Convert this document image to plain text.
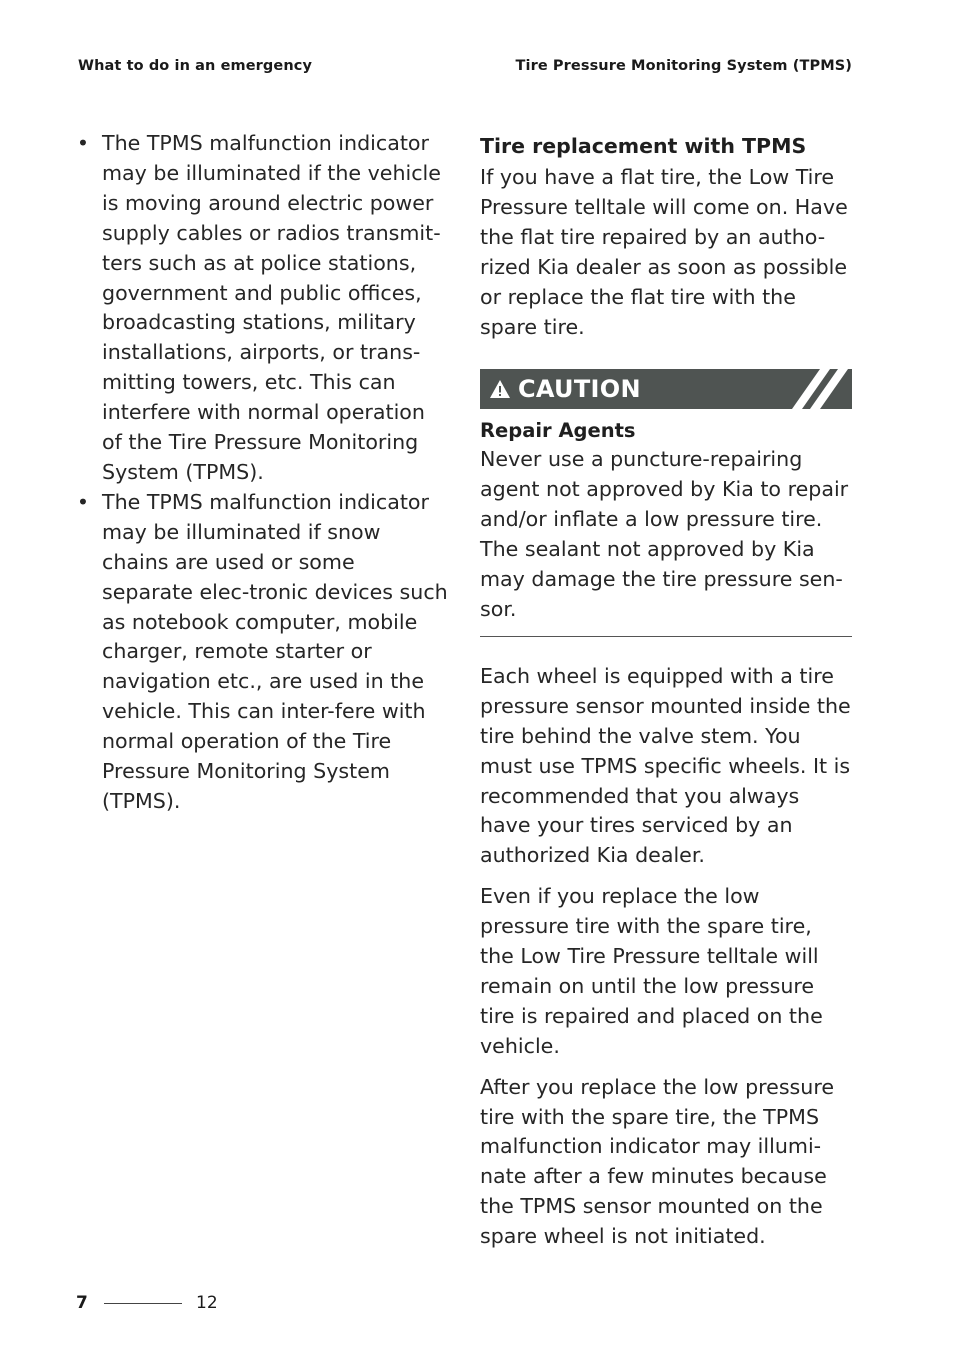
What to do in an emergency	Tire Pressure Monitoring System (TPMS)
• The TPMS malfunction indicator may be illuminated if the vehicle is moving around electric power supply cables or radios transmit-ters such as at police stations, government and public offices, broadcasting stations, military installations, airports, or trans-mitting towers, etc. This can interfere with normal operation of the Tire Pressure Monitoring System (TPMS).
• The TPMS malfunction indicator may be illuminated if snow chains are used or some separate elec-tronic devices such as notebook computer, mobile charger, remote starter or navigation etc., are used in the vehicle. This can inter-fere with normal operation of the Tire Pressure Monitoring System (TPMS).
Tire replacement with TPMS

If you have a flat tire, the Low Tire Pressure telltale will come on. Have the flat tire repaired by an autho-rized Kia dealer as soon as possible or replace the flat tire with the spare tire.

CAUTION
Repair Agents

Never use a puncture-repairing agent not approved by Kia to repair and/or inflate a low pressure tire. The sealant not approved by Kia may damage the tire pressure sen-sor.

Each wheel is equipped with a tire pressure sensor mounted inside the tire behind the valve stem. You must use TPMS specific wheels. It is recommended that you always have your tires serviced by an authorized Kia dealer.

Even if you replace the low pressure tire with the spare tire, the Low Tire Pressure telltale will remain on until the low pressure tire is repaired and placed on the vehicle.

After you replace the low pressure tire with the spare tire, the TPMS malfunction indicator may illumi-nate after a few minutes because the TPMS sensor mounted on the spare wheel is not initiated.

7	12
